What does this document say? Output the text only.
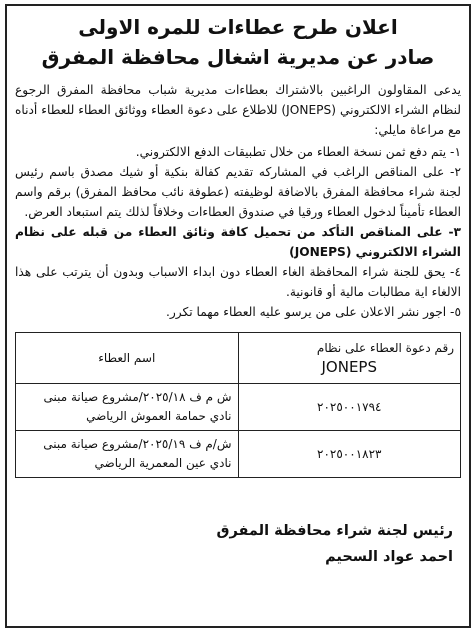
اعلان طرح عطاءات للمره الاولى
صادر عن مديرية اشغال محافظة المفرق

يدعى المقاولون الراغبين بالاشتراك بعطاءات مديرية شباب محافظة المفرق الرجوع لنظام الشراء الالكتروني (JONEPS) للاطلاع على دعوة العطاء ووثائق العطاء للعطاء أدناه مع مراعاة مايلي:

١- يتم دفع ثمن نسخة العطاء من خلال تطبيقات الدفع الالكتروني.

٢- على المناقص الراغب في المشاركه تقديم كفالة بنكية أو شيك مصدق باسم رئيس لجنة شراء محافظة المفرق بالاضافة لوظيفته (عطوفة نائب محافظ المفرق) برقم واسم العطاء تأميناً لدخول العطاء ورقيا في صندوق العطاءات وخلافاً لذلك يتم استبعاد العرض.

٣- على المناقص التأكد من تحميل كافة وثائق العطاء من قبله على نظام الشراء الالكتروني (JONEPS)

٤- يحق للجنة شراء المحافظة الغاء العطاء دون ابداء الاسباب وبدون أن يترتب على هذا الالغاء اية مطالبات مالية أو قانونية.

٥- اجور نشر الاعلان على من يرسو عليه العطاء مهما تكرر.

رقم دعوة العطاء على نظام
JONEPS	اسم العطاء
٢٠٢٥٠٠١٧٩٤	ش م ف ٢٠٢٥/١٨/مشروع صيانة مبنى
نادي حمامة العموش الرياضي

٢٠٢٥٠٠١٨٢٣	ش/م ف ٢٠٢٥/١٩/مشروع صيانة مبنى
نادي عين المعمرية الرياضي
رئيس لجنة شراء محافظة المفرق
احمد عواد السحيم
